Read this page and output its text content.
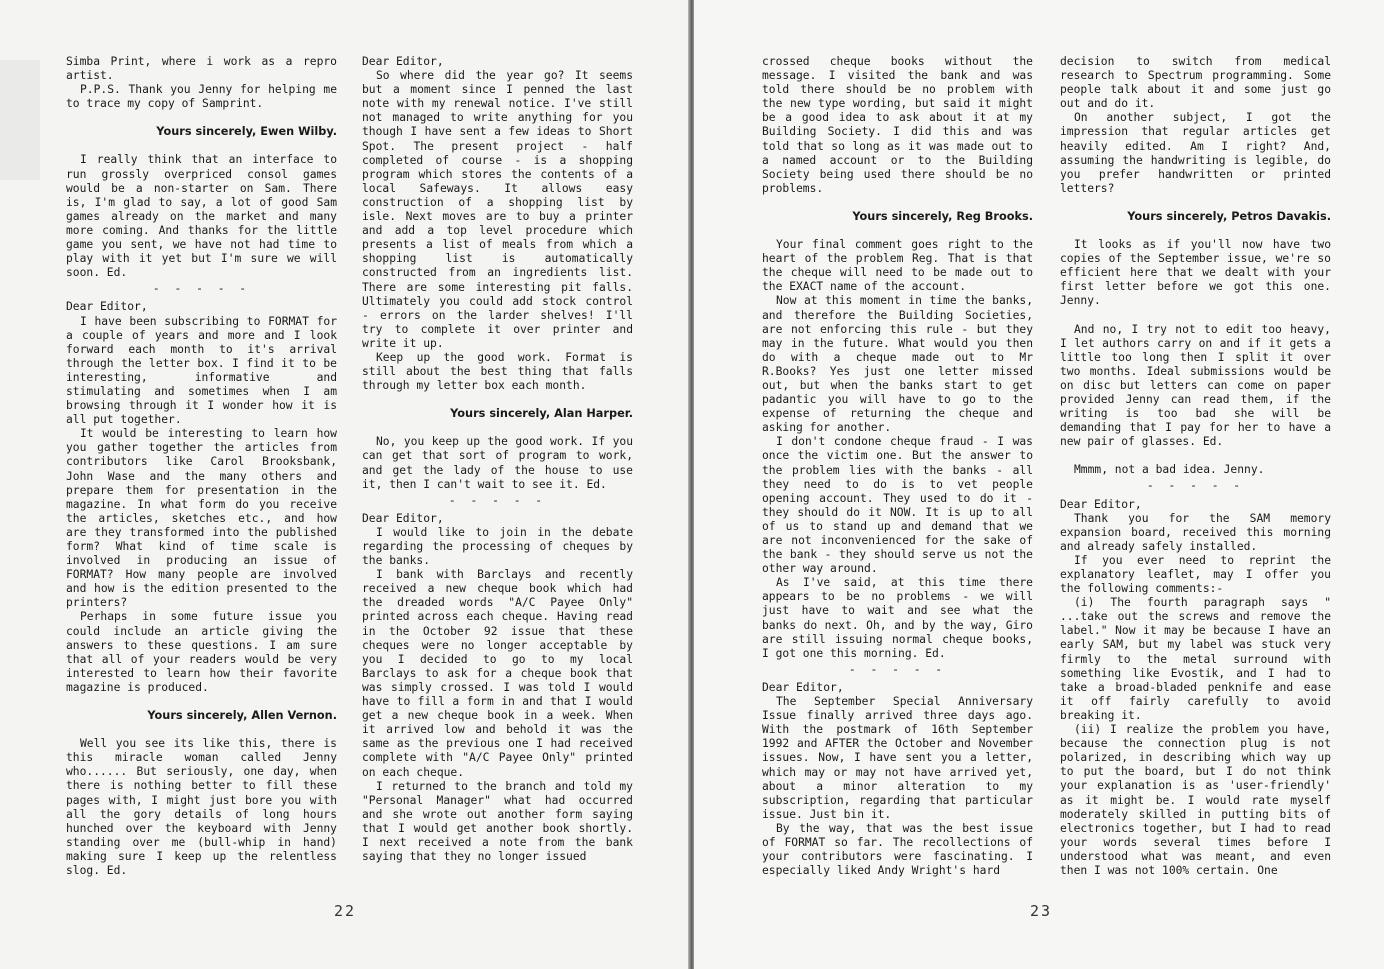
Simba Print, where i work as a repro artist.

P.P.S. Thank you Jenny for helping me to trace my copy of Samprint.

Yours sincerely, Ewen Wilby.

I really think that an interface to run grossly overpriced consol games would be a non-starter on Sam. There is, I'm glad to say, a lot of good Sam games already on the market and many more coming. And thanks for the little game you sent, we have not had time to play with it yet but I'm sure we will soon. Ed.

- - - - -

Dear Editor,

I have been subscribing to FORMAT for a couple of years and more and I look forward each month to it's arrival through the letter box. I find it to be interesting, informative and stimulating and sometimes when I am browsing through it I wonder how it is all put together.

It would be interesting to learn how you gather together the articles from contributors like Carol Brooksbank, John Wase and the many others and prepare them for presentation in the magazine. In what form do you receive the articles, sketches etc., and how are they transformed into the published form? What kind of time scale is involved in producing an issue of FORMAT? How many people are involved and how is the edition presented to the printers?

Perhaps in some future issue you could include an article giving the answers to these questions. I am sure that all of your readers would be very interested to learn how their favorite magazine is produced.

Yours sincerely, Allen Vernon.

Well you see its like this, there is this miracle woman called Jenny who...... But seriously, one day, when there is nothing better to fill these pages with, I might just bore you with all the gory details of long hours hunched over the keyboard with Jenny standing over me (bull-whip in hand) making sure I keep up the relentless slog. Ed.

Dear Editor,

So where did the year go? It seems but a moment since I penned the last note with my renewal notice. I've still not managed to write anything for you though I have sent a few ideas to Short Spot. The present project - half completed of course - is a shopping program which stores the contents of a local Safeways. It allows easy construction of a shopping list by isle. Next moves are to buy a printer and add a top level procedure which presents a list of meals from which a shopping list is automatically constructed from an ingredients list. There are some interesting pit falls. Ultimately you could add stock control - errors on the larder shelves! I'll try to complete it over printer and write it up.

Keep up the good work. Format is still about the best thing that falls through my letter box each month.

Yours sincerely, Alan Harper.

No, you keep up the good work. If you can get that sort of program to work, and get the lady of the house to use it, then I can't wait to see it. Ed.

- - - - -

Dear Editor,

I would like to join in the debate regarding the processing of cheques by the banks.

I bank with Barclays and recently received a new cheque book which had the dreaded words "A/C Payee Only" printed across each cheque. Having read in the October 92 issue that these cheques were no longer acceptable by you I decided to go to my local Barclays to ask for a cheque book that was simply crossed. I was told I would have to fill a form in and that I would get a new cheque book in a week. When it arrived low and behold it was the same as the previous one I had received complete with "A/C Payee Only" printed on each cheque.

I returned to the branch and told my "Personal Manager" what had occurred and she wrote out another form saying that I would get another book shortly. I next received a note from the bank saying that they no longer issued

22

crossed cheque books without the message. I visited the bank and was told there should be no problem with the new type wording, but said it might be a good idea to ask about it at my Building Society. I did this and was told that so long as it was made out to a named account or to the Building Society being used there should be no problems.

Yours sincerely, Reg Brooks.

Your final comment goes right to the heart of the problem Reg. That is that the cheque will need to be made out to the EXACT name of the account.

Now at this moment in time the banks, and therefore the Building Societies, are not enforcing this rule - but they may in the future. What would you then do with a cheque made out to Mr R.Books? Yes just one letter missed out, but when the banks start to get padantic you will have to go to the expense of returning the cheque and asking for another.

I don't condone cheque fraud - I was once the victim one. But the answer to the problem lies with the banks - all they need to do is to vet people opening account. They used to do it - they should do it NOW. It is up to all of us to stand up and demand that we are not inconvenienced for the sake of the bank - they should serve us not the other way around.

As I've said, at this time there appears to be no problems - we will just have to wait and see what the banks do next. Oh, and by the way, Giro are still issuing normal cheque books, I got one this morning. Ed.

- - - - -

Dear Editor,

The September Special Anniversary Issue finally arrived three days ago. With the postmark of 16th September 1992 and AFTER the October and November issues. Now, I have sent you a letter, which may or may not have arrived yet, about a minor alteration to my subscription, regarding that particular issue. Just bin it.

By the way, that was the best issue of FORMAT so far. The recollections of your contributors were fascinating. I especially liked Andy Wright's hard

decision to switch from medical research to Spectrum programming. Some people talk about it and some just go out and do it.

On another subject, I got the impression that regular articles get heavily edited. Am I right? And, assuming the handwriting is legible, do you prefer handwritten or printed letters?

Yours sincerely, Petros Davakis.

It looks as if you'll now have two copies of the September issue, we're so efficient here that we dealt with your first letter before we got this one. Jenny.

And no, I try not to edit too heavy, I let authors carry on and if it gets a little too long then I split it over two months. Ideal submissions would be on disc but letters can come on paper provided Jenny can read them, if the writing is too bad she will be demanding that I pay for her to have a new pair of glasses. Ed.

Mmmm, not a bad idea. Jenny.

- - - - -

Dear Editor,

Thank you for the SAM memory expansion board, received this morning and already safely installed.

If you ever need to reprint the explanatory leaflet, may I offer you the following comments:-

(i) The fourth paragraph says " ...take out the screws and remove the label." Now it may be because I have an early SAM, but my label was stuck very firmly to the metal surround with something like Evostik, and I had to take a broad-bladed penknife and ease it off fairly carefully to avoid breaking it.

(ii) I realize the problem you have, because the connection plug is not polarized, in describing which way up to put the board, but I do not think your explanation is as 'user-friendly' as it might be. I would rate myself moderately skilled in putting bits of electronics together, but I had to read your words several times before I understood what was meant, and even then I was not 100% certain. One

23
